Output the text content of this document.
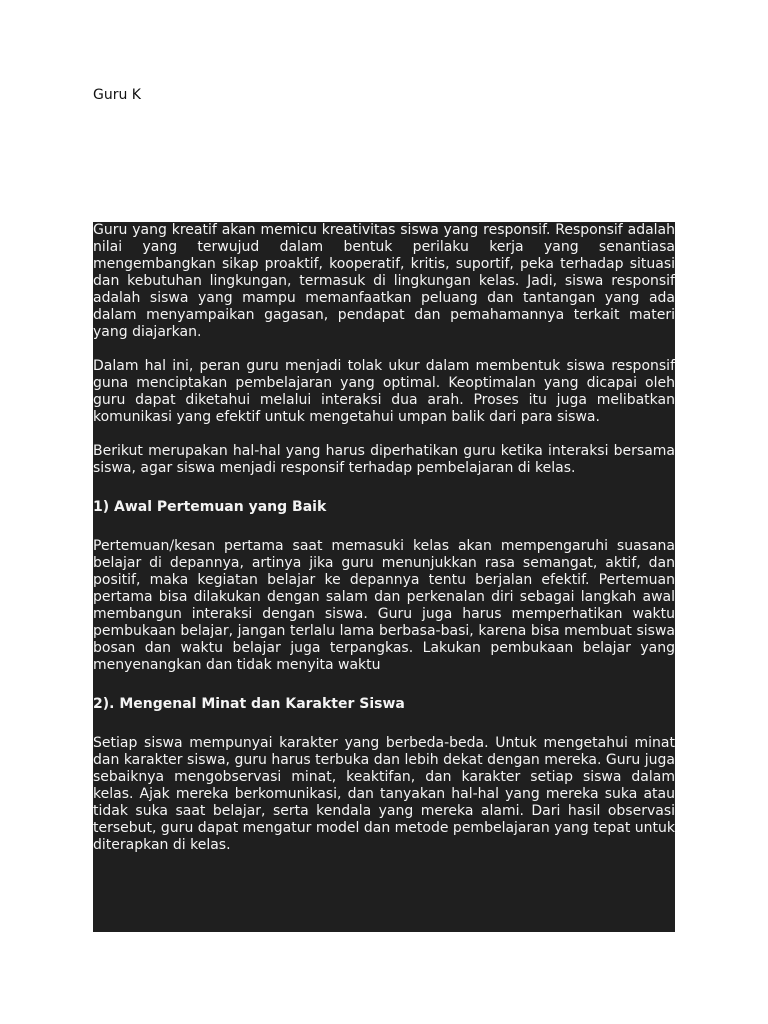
Guru K

Guru yang kreatif akan memicu kreativitas siswa yang responsif. Responsif adalah nilai yang terwujud dalam bentuk perilaku kerja yang senantiasa mengembangkan sikap proaktif, kooperatif, kritis, suportif, peka terhadap situasi dan kebutuhan lingkungan, termasuk di lingkungan kelas. Jadi, siswa responsif adalah siswa yang mampu memanfaatkan peluang dan tantangan yang ada dalam menyampaikan gagasan, pendapat dan pemahamannya terkait materi yang diajarkan.

Dalam hal ini, peran guru menjadi tolak ukur dalam membentuk siswa responsif guna menciptakan pembelajaran yang optimal. Keoptimalan yang dicapai oleh guru dapat diketahui melalui interaksi dua arah. Proses itu juga melibatkan komunikasi yang efektif untuk mengetahui umpan balik dari para siswa.

Berikut merupakan hal-hal yang harus diperhatikan guru ketika interaksi bersama siswa, agar siswa menjadi responsif terhadap pembelajaran di kelas.

1) Awal Pertemuan yang Baik

Pertemuan/kesan pertama saat memasuki kelas akan mempengaruhi suasana belajar di depannya, artinya jika guru menunjukkan rasa semangat, aktif, dan positif, maka kegiatan belajar ke depannya tentu berjalan efektif. Pertemuan pertama bisa dilakukan dengan salam dan perkenalan diri sebagai langkah awal membangun interaksi dengan siswa. Guru juga harus memperhatikan waktu pembukaan belajar, jangan terlalu lama berbasa-basi, karena bisa membuat siswa bosan dan waktu belajar juga terpangkas. Lakukan pembukaan belajar yang menyenangkan dan tidak menyita waktu

2). Mengenal Minat dan Karakter Siswa

Setiap siswa mempunyai karakter yang berbeda-beda. Untuk mengetahui minat dan karakter siswa, guru harus terbuka dan lebih dekat dengan mereka. Guru juga sebaiknya mengobservasi minat, keaktifan, dan karakter setiap siswa dalam kelas. Ajak mereka berkomunikasi, dan tanyakan hal-hal yang mereka suka atau tidak suka saat belajar, serta kendala yang mereka alami. Dari hasil observasi tersebut, guru dapat mengatur model dan metode pembelajaran yang tepat untuk diterapkan di kelas.
